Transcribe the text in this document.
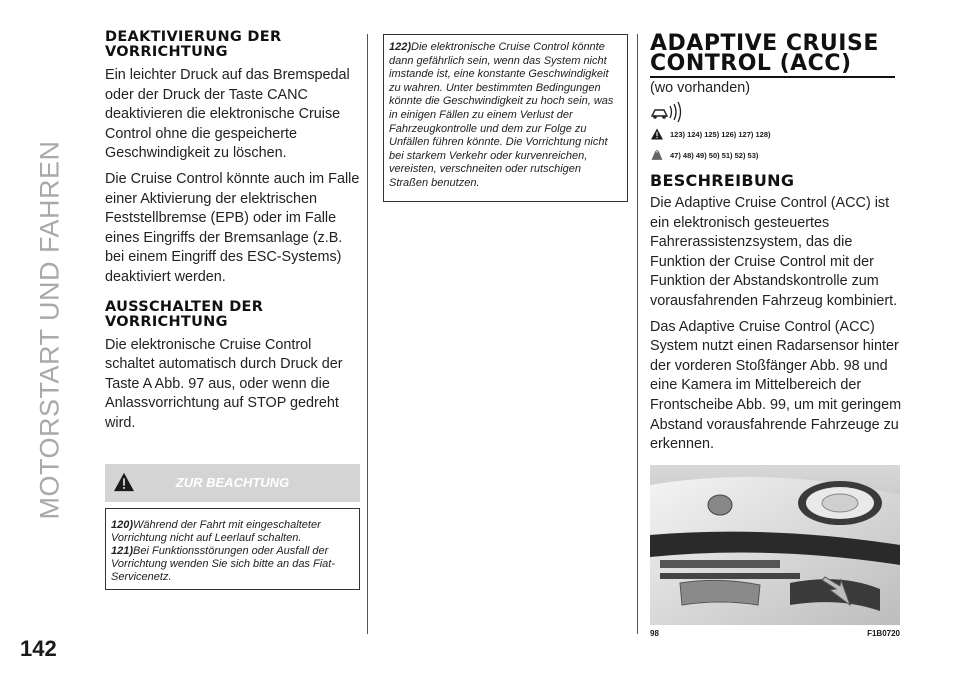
MOTORSTART UND FAHREN
142
DEAKTIVIERUNG DER VORRICHTUNG

Ein leichter Druck auf das Bremspedal oder der Druck der Taste CANC deaktivieren die elektronische Cruise Control ohne die gespeicherte Geschwindigkeit zu löschen.

Die Cruise Control könnte auch im Falle einer Aktivierung der elektrischen Feststellbremse (EPB) oder im Falle eines Eingriffs der Bremsanlage (z.B. bei einem Eingriff des ESC-Systems) deaktiviert werden.

AUSSCHALTEN DER VORRICHTUNG

Die elektronische Cruise Control schaltet automatisch durch Druck der Taste A Abb. 97 aus, oder wenn die Anlassvorrichtung auf STOP gedreht wird.

ZUR BEACHTUNG
120)Während der Fahrt mit eingeschalteter Vorrichtung nicht auf Leerlauf schalten.
121)Bei Funktionsstörungen oder Ausfall der Vorrichtung wenden Sie sich bitte an das Fiat-Servicenetz.
122)Die elektronische Cruise Control könnte dann gefährlich sein, wenn das System nicht imstande ist, eine konstante Geschwindigkeit zu wahren. Unter bestimmten Bedingungen könnte die Geschwindigkeit zu hoch sein, was in einigen Fällen zu einem Verlust der Fahrzeugkontrolle und dem zur Folge zu Unfällen führen könnte. Die Vorrichtung nicht bei starkem Verkehr oder kurvenreichen, vereisten, verschneiten oder rutschigen Straßen benutzen.
ADAPTIVE CRUISE CONTROL (ACC)
(wo vorhanden)
123) 124) 125) 126) 127) 128)
47) 48) 49) 50) 51) 52) 53)
BESCHREIBUNG

Die Adaptive Cruise Control (ACC) ist ein elektronisch gesteuertes Fahrerassistenzsystem, das die Funktion der Cruise Control mit der Funktion der Abstandskontrolle zum vorausfahrenden Fahrzeug kombiniert.

Das Adaptive Cruise Control (ACC) System nutzt einen Radarsensor hinter der vorderen Stoßfänger Abb. 98 und eine Kamera im Mittelbereich der Frontscheibe Abb. 99, um mit geringem Abstand vorausfahrende Fahrzeuge zu erkennen.

98	F1B0720
